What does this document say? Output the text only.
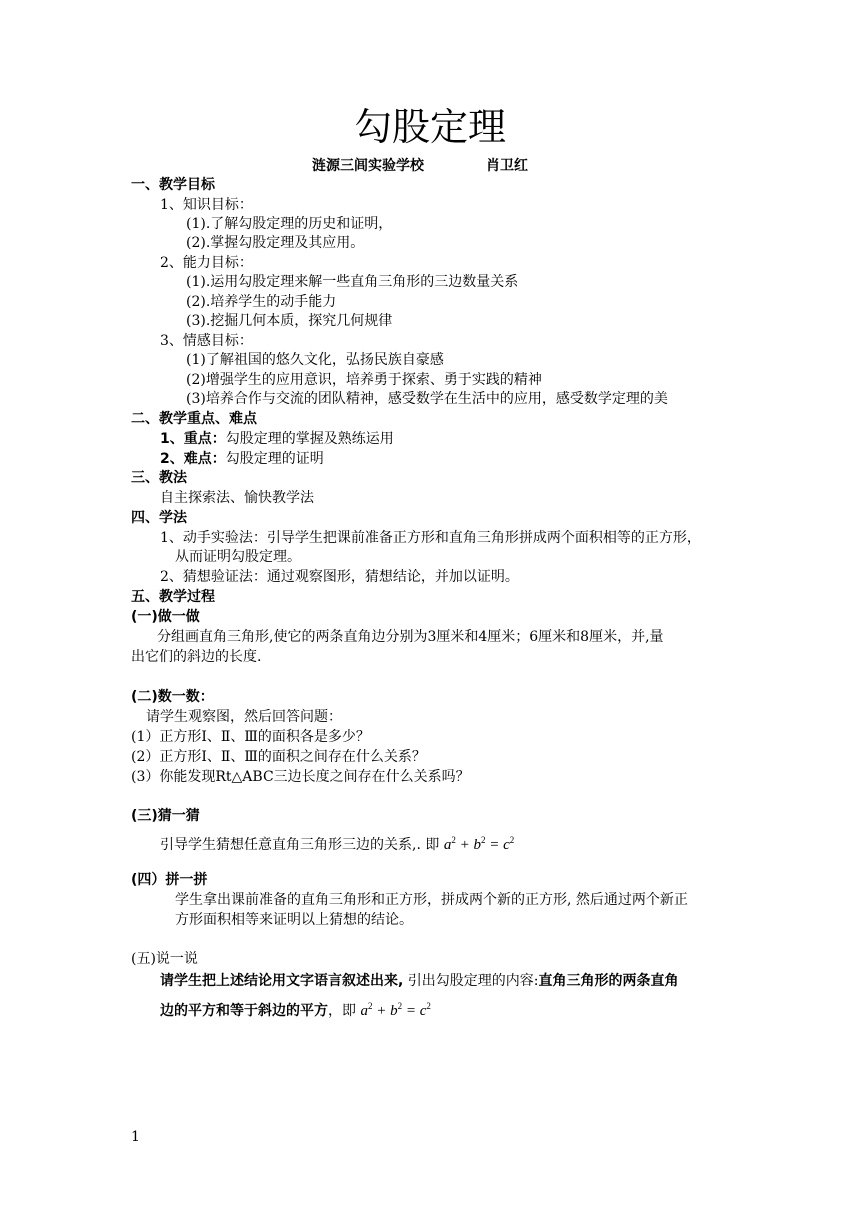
勾股定理
涟源三闾实验学校	肖卫红
一、教学目标
1、知识目标：
(1).了解勾股定理的历史和证明，
(2).掌握勾股定理及其应用。
2、能力目标：
(1).运用勾股定理来解一些直角三角形的三边数量关系
(2).培养学生的动手能力
(3).挖掘几何本质，探究几何规律
3、情感目标：
(1)了解祖国的悠久文化，弘扬民族自豪感
(2)增强学生的应用意识，培养勇于探索、勇于实践的精神
(3)培养合作与交流的团队精神，感受数学在生活中的应用，感受数学定理的美
二、教学重点、难点
1、重点：勾股定理的掌握及熟练运用
2、难点：勾股定理的证明
三、教法
自主探索法、愉快教学法
四、学法
1、动手实验法：引导学生把课前准备正方形和直角三角形拼成两个面积相等的正方形，
从而证明勾股定理。
2、猜想验证法：通过观察图形，猜想结论，并加以证明。
五、教学过程
(一)做一做
分组画直角三角形,使它的两条直角边分别为3厘米和4厘米；6厘米和8厘米，并,量
出它们的斜边的长度.
(二)数一数：
请学生观察图，然后回答问题：
(1）正方形Ⅰ、Ⅱ、Ⅲ的面积各是多少？
(2）正方形Ⅰ、Ⅱ、Ⅲ的面积之间存在什么关系？
(3）你能发现Rt△ABC三边长度之间存在什么关系吗？
(三)猜一猜
引导学生猜想任意直角三角形三边的关系,. 即 $a^2 + b^2 = c^2$
(四）拼一拼
学生拿出课前准备的直角三角形和正方形，拼成两个新的正方形, 然后通过两个新正
方形面积相等来证明以上猜想的结论。
(五)说一说
请学生把上述结论用文字语言叙述出来, 引出勾股定理的内容:直角三角形的两条直角
边的平方和等于斜边的平方，即 $a^2 + b^2 = c^2$
1
